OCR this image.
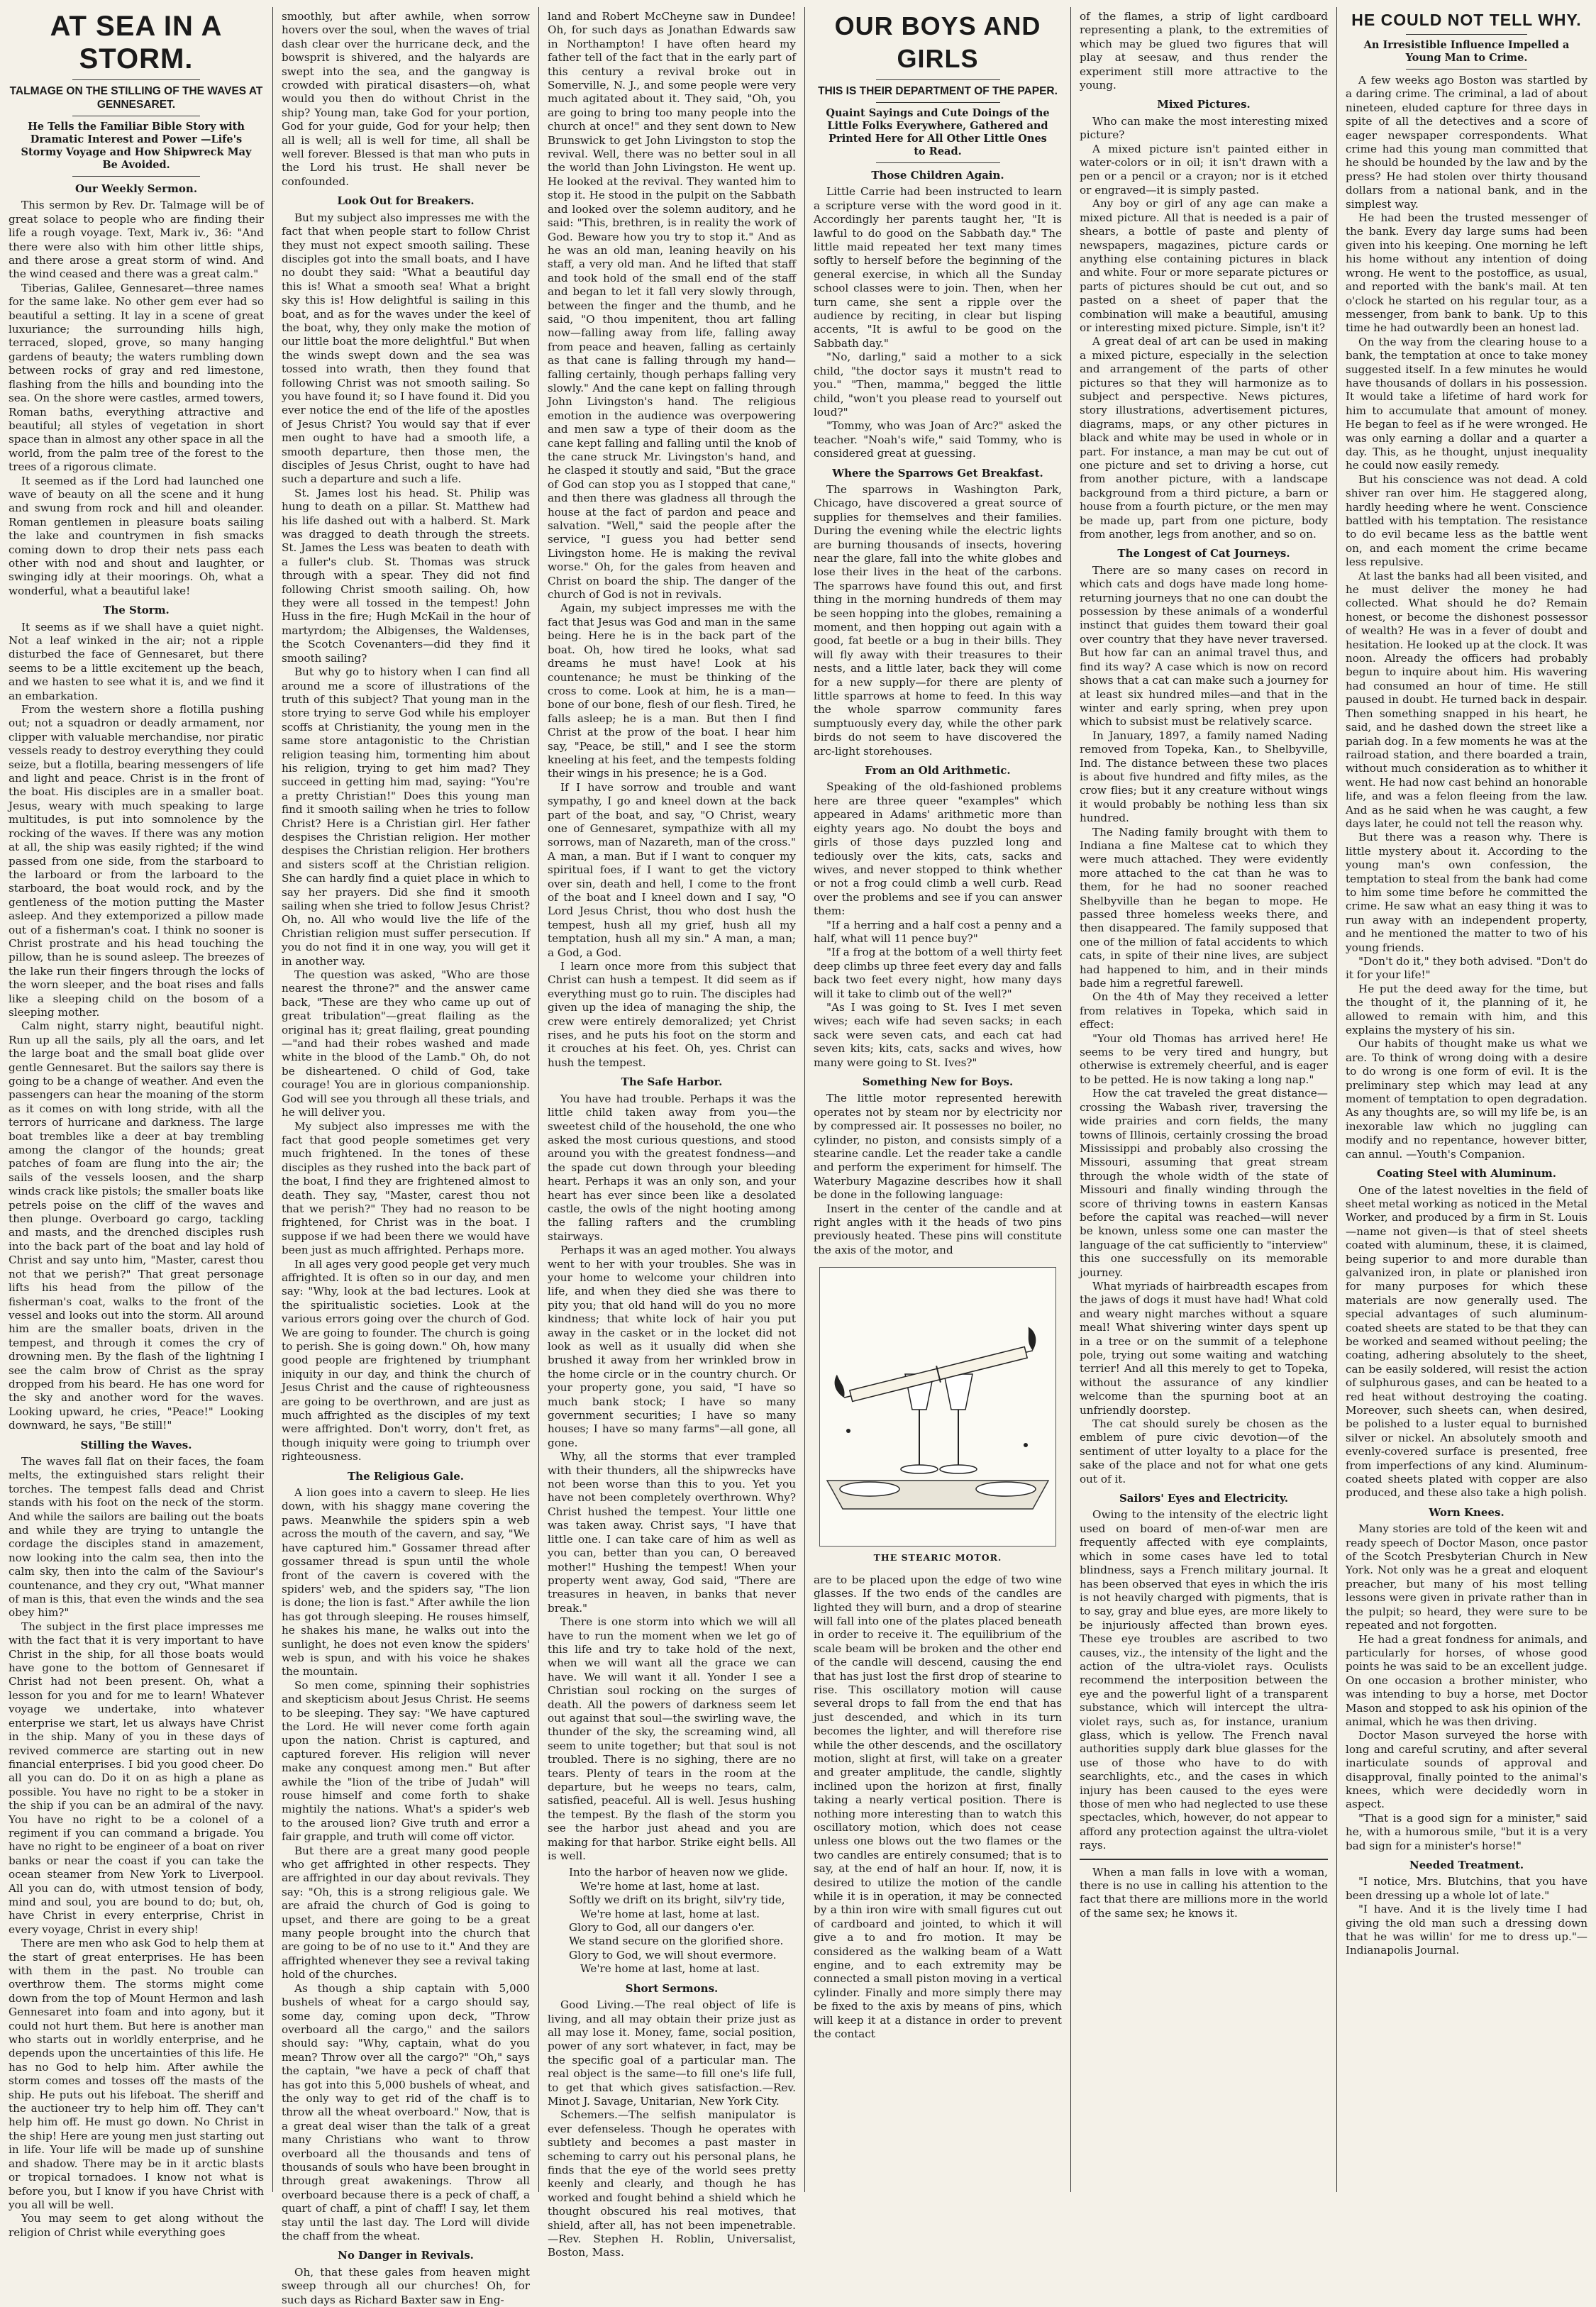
AT SEA IN A STORM.
TALMAGE ON THE STILLING OF THE WAVES AT GENNESARET.
He Tells the Familiar Bible Story with Dramatic Interest and Power —Life's Stormy Voyage and How Shipwreck May Be Avoided.
Our Weekly Sermon.

This sermon by Rev. Dr. Talmage will be of great solace to people who are finding their life a rough voyage. Text, Mark iv., 36: "And there were also with him other little ships, and there arose a great storm of wind. And the wind ceased and there was a great calm."

Tiberias, Galilee, Gennesaret—three names for the same lake. No other gem ever had so beautiful a setting. It lay in a scene of great luxuriance; the surrounding hills high, terraced, sloped, grove, so many hanging gardens of beauty; the waters rumbling down between rocks of gray and red limestone, flashing from the hills and bounding into the sea. On the shore were castles, armed towers, Roman baths, everything attractive and beautiful; all styles of vegetation in short space than in almost any other space in all the world, from the palm tree of the forest to the trees of a rigorous climate.

It seemed as if the Lord had launched one wave of beauty on all the scene and it hung and swung from rock and hill and oleander. Roman gentlemen in pleasure boats sailing the lake and countrymen in fish smacks coming down to drop their nets pass each other with nod and shout and laughter, or swinging idly at their moorings. Oh, what a wonderful, what a beautiful lake!

The Storm.

It seems as if we shall have a quiet night. Not a leaf winked in the air; not a ripple disturbed the face of Gennesaret, but there seems to be a little excitement up the beach, and we hasten to see what it is, and we find it an embarkation.

From the western shore a flotilla pushing out; not a squadron or deadly armament, nor clipper with valuable merchandise, nor piratic vessels ready to destroy everything they could seize, but a flotilla, bearing messengers of life and light and peace. Christ is in the front of the boat. His disciples are in a smaller boat. Jesus, weary with much speaking to large multitudes, is put into somnolence by the rocking of the waves. If there was any motion at all, the ship was easily righted; if the wind passed from one side, from the starboard to the larboard or from the larboard to the starboard, the boat would rock, and by the gentleness of the motion putting the Master asleep. And they extemporized a pillow made out of a fisherman's coat. I think no sooner is Christ prostrate and his head touching the pillow, than he is sound asleep. The breezes of the lake run their fingers through the locks of the worn sleeper, and the boat rises and falls like a sleeping child on the bosom of a sleeping mother.

Calm night, starry night, beautiful night. Run up all the sails, ply all the oars, and let the large boat and the small boat glide over gentle Gennesaret. But the sailors say there is going to be a change of weather. And even the passengers can hear the moaning of the storm as it comes on with long stride, with all the terrors of hurricane and darkness. The large boat trembles like a deer at bay trembling among the clangor of the hounds; great patches of foam are flung into the air; the sails of the vessels loosen, and the sharp winds crack like pistols; the smaller boats like petrels poise on the cliff of the waves and then plunge. Overboard go cargo, tackling and masts, and the drenched disciples rush into the back part of the boat and lay hold of Christ and say unto him, "Master, carest thou not that we perish?" That great personage lifts his head from the pillow of the fisherman's coat, walks to the front of the vessel and looks out into the storm. All around him are the smaller boats, driven in the tempest, and through it comes the cry of drowning men. By the flash of the lightning I see the calm brow of Christ as the spray dropped from his beard. He has one word for the sky and another word for the waves. Looking upward, he cries, "Peace!" Looking downward, he says, "Be still!"

Stilling the Waves.

The waves fall flat on their faces, the foam melts, the extinguished stars relight their torches. The tempest falls dead and Christ stands with his foot on the neck of the storm. And while the sailors are bailing out the boats and while they are trying to untangle the cordage the disciples stand in amazement, now looking into the calm sea, then into the calm sky, then into the calm of the Saviour's countenance, and they cry out, "What manner of man is this, that even the winds and the sea obey him?"

The subject in the first place impresses me with the fact that it is very important to have Christ in the ship, for all those boats would have gone to the bottom of Gennesaret if Christ had not been present. Oh, what a lesson for you and for me to learn! Whatever voyage we undertake, into whatever enterprise we start, let us always have Christ in the ship. Many of you in these days of revived commerce are starting out in new financial enterprises. I bid you good cheer. Do all you can do. Do it on as high a plane as possible. You have no right to be a stoker in the ship if you can be an admiral of the navy. You have no right to be a colonel of a regiment if you can command a brigade. You have no right to be engineer of a boat on river banks or near the coast if you can take the ocean steamer from New York to Liverpool. All you can do, with utmost tension of body, mind and soul, you are bound to do; but, oh, have Christ in every enterprise, Christ in every voyage, Christ in every ship!

There are men who ask God to help them at the start of great enterprises. He has been with them in the past. No trouble can overthrow them. The storms might come down from the top of Mount Hermon and lash Gennesaret into foam and into agony, but it could not hurt them. But here is another man who starts out in worldly enterprise, and he depends upon the uncertainties of this life. He has no God to help him. After awhile the storm comes and tosses off the masts of the ship. He puts out his lifeboat. The sheriff and the auctioneer try to help him off. They can't help him off. He must go down. No Christ in the ship! Here are young men just starting out in life. Your life will be made up of sunshine and shadow. There may be in it arctic blasts or tropical tornadoes. I know not what is before you, but I know if you have Christ with you all will be well.

You may seem to get along without the religion of Christ while everything goes

smoothly, but after awhile, when sorrow hovers over the soul, when the waves of trial dash clear over the hurricane deck, and the bowsprit is shivered, and the halyards are swept into the sea, and the gangway is crowded with piratical disasters—oh, what would you then do without Christ in the ship? Young man, take God for your portion, God for your guide, God for your help; then all is well; all is well for time, all shall be well forever. Blessed is that man who puts in the Lord his trust. He shall never be confounded.

Look Out for Breakers.

But my subject also impresses me with the fact that when people start to follow Christ they must not expect smooth sailing. These disciples got into the small boats, and I have no doubt they said: "What a beautiful day this is! What a smooth sea! What a bright sky this is! How delightful is sailing in this boat, and as for the waves under the keel of the boat, why, they only make the motion of our little boat the more delightful." But when the winds swept down and the sea was tossed into wrath, then they found that following Christ was not smooth sailing. So you have found it; so I have found it. Did you ever notice the end of the life of the apostles of Jesus Christ? You would say that if ever men ought to have had a smooth life, a smooth departure, then those men, the disciples of Jesus Christ, ought to have had such a departure and such a life.

St. James lost his head. St. Philip was hung to death on a pillar. St. Matthew had his life dashed out with a halberd. St. Mark was dragged to death through the streets. St. James the Less was beaten to death with a fuller's club. St. Thomas was struck through with a spear. They did not find following Christ smooth sailing. Oh, how they were all tossed in the tempest! John Huss in the fire; Hugh McKail in the hour of martyrdom; the Albigenses, the Waldenses, the Scotch Covenanters—did they find it smooth sailing?

But why go to history when I can find all around me a score of illustrations of the truth of this subject? That young man in the store trying to serve God while his employer scoffs at Christianity, the young men in the same store antagonistic to the Christian religion teasing him, tormenting him about his religion, trying to get him mad? They succeed in getting him mad, saying: "You're a pretty Christian!" Does this young man find it smooth sailing when he tries to follow Christ? Here is a Christian girl. Her father despises the Christian religion. Her mother despises the Christian religion. Her brothers and sisters scoff at the Christian religion. She can hardly find a quiet place in which to say her prayers. Did she find it smooth sailing when she tried to follow Jesus Christ? Oh, no. All who would live the life of the Christian religion must suffer persecution. If you do not find it in one way, you will get it in another way.

The question was asked, "Who are those nearest the throne?" and the answer came back, "These are they who came up out of great tribulation"—great flailing as the original has it; great flailing, great pounding—"and had their robes washed and made white in the blood of the Lamb." Oh, do not be disheartened. O child of God, take courage! You are in glorious companionship. God will see you through all these trials, and he will deliver you.

My subject also impresses me with the fact that good people sometimes get very much frightened. In the tones of these disciples as they rushed into the back part of the boat, I find they are frightened almost to death. They say, "Master, carest thou not that we perish?" They had no reason to be frightened, for Christ was in the boat. I suppose if we had been there we would have been just as much affrighted. Perhaps more.

In all ages very good people get very much affrighted. It is often so in our day, and men say: "Why, look at the bad lectures. Look at the spiritualistic societies. Look at the various errors going over the church of God. We are going to founder. The church is going to perish. She is going down." Oh, how many good people are frightened by triumphant iniquity in our day, and think the church of Jesus Christ and the cause of righteousness are going to be overthrown, and are just as much affrighted as the disciples of my text were affrighted. Don't worry, don't fret, as though iniquity were going to triumph over righteousness.

The Religious Gale.

A lion goes into a cavern to sleep. He lies down, with his shaggy mane covering the paws. Meanwhile the spiders spin a web across the mouth of the cavern, and say, "We have captured him." Gossamer thread after gossamer thread is spun until the whole front of the cavern is covered with the spiders' web, and the spiders say, "The lion is done; the lion is fast." After awhile the lion has got through sleeping. He rouses himself, he shakes his mane, he walks out into the sunlight, he does not even know the spiders' web is spun, and with his voice he shakes the mountain.

So men come, spinning their sophistries and skepticism about Jesus Christ. He seems to be sleeping. They say: "We have captured the Lord. He will never come forth again upon the nation. Christ is captured, and captured forever. His religion will never make any conquest among men." But after awhile the "lion of the tribe of Judah" will rouse himself and come forth to shake mightily the nations. What's a spider's web to the aroused lion? Give truth and error a fair grapple, and truth will come off victor.

But there are a great many good people who get affrighted in other respects. They are affrighted in our day about revivals. They say: "Oh, this is a strong religious gale. We are afraid the church of God is going to upset, and there are going to be a great many people brought into the church that are going to be of no use to it." And they are affrighted whenever they see a revival taking hold of the churches.

As though a ship captain with 5,000 bushels of wheat for a cargo should say, some day, coming upon deck, "Throw overboard all the cargo," and the sailors should say: "Why, captain, what do you mean? Throw over all the cargo?" "Oh," says the captain, "we have a peck of chaff that has got into this 5,000 bushels of wheat, and the only way to get rid of the chaff is to throw all the wheat overboard." Now, that is a great deal wiser than the talk of a great many Christians who want to throw overboard all the thousands and tens of thousands of souls who have been brought in through great awakenings. Throw all overboard because there is a peck of chaff, a quart of chaff, a pint of chaff! I say, let them stay until the last day. The Lord will divide the chaff from the wheat.

No Danger in Revivals.

Oh, that these gales from heaven might sweep through all our churches! Oh, for such days as Richard Baxter saw in Eng-

land and Robert McCheyne saw in Dundee! Oh, for such days as Jonathan Edwards saw in Northampton! I have often heard my father tell of the fact that in the early part of this century a revival broke out in Somerville, N. J., and some people were very much agitated about it. They said, "Oh, you are going to bring too many people into the church at once!" and they sent down to New Brunswick to get John Livingston to stop the revival. Well, there was no better soul in all the world than John Livingston. He went up. He looked at the revival. They wanted him to stop it. He stood in the pulpit on the Sabbath and looked over the solemn auditory, and he said: "This, brethren, is in reality the work of God. Beware how you try to stop it." And as he was an old man, leaning heavily on his staff, a very old man. And he lifted that staff and took hold of the small end of the staff and began to let it fall very slowly through, between the finger and the thumb, and he said, "O thou impenitent, thou art falling now—falling away from life, falling away from peace and heaven, falling as certainly as that cane is falling through my hand—falling certainly, though perhaps falling very slowly." And the cane kept on falling through John Livingston's hand. The religious emotion in the audience was overpowering and men saw a type of their doom as the cane kept falling and falling until the knob of the cane struck Mr. Livingston's hand, and he clasped it stoutly and said, "But the grace of God can stop you as I stopped that cane," and then there was gladness all through the house at the fact of pardon and peace and salvation. "Well," said the people after the service, "I guess you had better send Livingston home. He is making the revival worse." Oh, for the gales from heaven and Christ on board the ship. The danger of the church of God is not in revivals.

Again, my subject impresses me with the fact that Jesus was God and man in the same being. Here he is in the back part of the boat. Oh, how tired he looks, what sad dreams he must have! Look at his countenance; he must be thinking of the cross to come. Look at him, he is a man—bone of our bone, flesh of our flesh. Tired, he falls asleep; he is a man. But then I find Christ at the prow of the boat. I hear him say, "Peace, be still," and I see the storm kneeling at his feet, and the tempests folding their wings in his presence; he is a God.

If I have sorrow and trouble and want sympathy, I go and kneel down at the back part of the boat, and say, "O Christ, weary one of Gennesaret, sympathize with all my sorrows, man of Nazareth, man of the cross." A man, a man. But if I want to conquer my spiritual foes, if I want to get the victory over sin, death and hell, I come to the front of the boat and I kneel down and I say, "O Lord Jesus Christ, thou who dost hush the tempest, hush all my grief, hush all my temptation, hush all my sin." A man, a man; a God, a God.

I learn once more from this subject that Christ can hush a tempest. It did seem as if everything must go to ruin. The disciples had given up the idea of managing the ship, the crew were entirely demoralized; yet Christ rises, and he puts his foot on the storm and it crouches at his feet. Oh, yes. Christ can hush the tempest.

The Safe Harbor.

You have had trouble. Perhaps it was the little child taken away from you—the sweetest child of the household, the one who asked the most curious questions, and stood around you with the greatest fondness—and the spade cut down through your bleeding heart. Perhaps it was an only son, and your heart has ever since been like a desolated castle, the owls of the night hooting among the falling rafters and the crumbling stairways.

Perhaps it was an aged mother. You always went to her with your troubles. She was in your home to welcome your children into life, and when they died she was there to pity you; that old hand will do you no more kindness; that white lock of hair you put away in the casket or in the locket did not look as well as it usually did when she brushed it away from her wrinkled brow in the home circle or in the country church. Or your property gone, you said, "I have so much bank stock; I have so many government securities; I have so many houses; I have so many farms"—all gone, all gone.

Why, all the storms that ever trampled with their thunders, all the shipwrecks have not been worse than this to you. Yet you have not been completely overthrown. Why? Christ hushed the tempest. Your little one was taken away. Christ says, "I have that little one. I can take care of him as well as you can, better than you can, O bereaved mother!" Hushing the tempest! When your property went away, God said, "There are treasures in heaven, in banks that never break."

There is one storm into which we will all have to run the moment when we let go of this life and try to take hold of the next, when we will want all the grace we can have. We will want it all. Yonder I see a Christian soul rocking on the surges of death. All the powers of darkness seem let out against that soul—the swirling wave, the thunder of the sky, the screaming wind, all seem to unite together; but that soul is not troubled. There is no sighing, there are no tears. Plenty of tears in the room at the departure, but he weeps no tears, calm, satisfied, peaceful. All is well. Jesus hushing the tempest. By the flash of the storm you see the harbor just ahead and you are making for that harbor. Strike eight bells. All is well.

Into the harbor of heaven now we glide.
We're home at last, home at last.
Softly we drift on its bright, silv'ry tide,
We're home at last, home at last.
Glory to God, all our dangers o'er.
We stand secure on the glorified shore.
Glory to God, we will shout evermore.
We're home at last, home at last.
Short Sermons.

Good Living.—The real object of life is living, and all may obtain their prize just as all may lose it. Money, fame, social position, power of any sort whatever, in fact, may be the specific goal of a particular man. The real object is the same—to fill one's life full, to get that which gives satisfaction.—Rev. Minot J. Savage, Unitarian, New York City.

Schemers.—The selfish manipulator is ever defenseless. Though he operates with subtlety and becomes a past master in scheming to carry out his personal plans, he finds that the eye of the world sees pretty keenly and clearly, and though he has worked and fought behind a shield which he thought obscured his real motives, that shield, after all, has not been impenetrable.—Rev. Stephen H. Roblin, Universalist, Boston, Mass.

OUR BOYS AND GIRLS
THIS IS THEIR DEPARTMENT OF THE PAPER.
Quaint Sayings and Cute Doings of the Little Folks Everywhere, Gathered and Printed Here for All Other Little Ones to Read.
Those Children Again.

Little Carrie had been instructed to learn a scripture verse with the word good in it. Accordingly her parents taught her, "It is lawful to do good on the Sabbath day." The little maid repeated her text many times softly to herself before the beginning of the general exercise, in which all the Sunday school classes were to join. Then, when her turn came, she sent a ripple over the audience by reciting, in clear but lisping accents, "It is awful to be good on the Sabbath day."

"No, darling," said a mother to a sick child, "the doctor says it mustn't read to you." "Then, mamma," begged the little child, "won't you please read to yourself out loud?"

"Tommy, who was Joan of Arc?" asked the teacher. "Noah's wife," said Tommy, who is considered great at guessing.

Where the Sparrows Get Breakfast.

The sparrows in Washington Park, Chicago, have discovered a great source of supplies for themselves and their families. During the evening while the electric lights are burning thousands of insects, hovering near the glare, fall into the white globes and lose their lives in the heat of the carbons. The sparrows have found this out, and first thing in the morning hundreds of them may be seen hopping into the globes, remaining a moment, and then hopping out again with a good, fat beetle or a bug in their bills. They will fly away with their treasures to their nests, and a little later, back they will come for a new supply—for there are plenty of little sparrows at home to feed. In this way the whole sparrow community fares sumptuously every day, while the other park birds do not seem to have discovered the arc-light storehouses.

From an Old Arithmetic.

Speaking of the old-fashioned problems here are three queer "examples" which appeared in Adams' arithmetic more than eighty years ago. No doubt the boys and girls of those days puzzled long and tediously over the kits, cats, sacks and wives, and never stopped to think whether or not a frog could climb a well curb. Read over the problems and see if you can answer them:

"If a herring and a half cost a penny and a half, what will 11 pence buy?"

"If a frog at the bottom of a well thirty feet deep climbs up three feet every day and falls back two feet every night, how many days will it take to climb out of the well?"

"As I was going to St. Ives I met seven wives; each wife had seven sacks; in each sack were seven cats, and each cat had seven kits; kits, cats, sacks and wives, how many were going to St. Ives?"

Something New for Boys.

The little motor represented herewith operates not by steam nor by electricity nor by compressed air. It possesses no boiler, no cylinder, no piston, and consists simply of a stearine candle. Let the reader take a candle and perform the experiment for himself. The Waterbury Magazine describes how it shall be done in the following language:

Insert in the center of the candle and at right angles with it the heads of two pins previously heated. These pins will constitute the axis of the motor, and

THE STEARIC MOTOR.

are to be placed upon the edge of two wine glasses. If the two ends of the candles are lighted they will burn, and a drop of stearine will fall into one of the plates placed beneath in order to receive it. The equilibrium of the scale beam will be broken and the other end of the candle will descend, causing the end that has just lost the first drop of stearine to rise. This oscillatory motion will cause several drops to fall from the end that has just descended, and which in its turn becomes the lighter, and will therefore rise while the other descends, and the oscillatory motion, slight at first, will take on a greater and greater amplitude, the candle, slightly inclined upon the horizon at first, finally taking a nearly vertical position. There is nothing more interesting than to watch this oscillatory motion, which does not cease unless one blows out the two flames or the two candles are entirely consumed; that is to say, at the end of half an hour. If, now, it is desired to utilize the motion of the candle while it is in operation, it may be connected by a thin iron wire with small figures cut out of cardboard and jointed, to which it will give a to and fro motion. It may be considered as the walking beam of a Watt engine, and to each extremity may be connected a small piston moving in a vertical cylinder. Finally and more simply there may be fixed to the axis by means of pins, which will keep it at a distance in order to prevent the contact

of the flames, a strip of light cardboard representing a plank, to the extremities of which may be glued two figures that will play at seesaw, and thus render the experiment still more attractive to the young.

Mixed Pictures.

Who can make the most interesting mixed picture?

A mixed picture isn't painted either in water-colors or in oil; it isn't drawn with a pen or a pencil or a crayon; nor is it etched or engraved—it is simply pasted.

Any boy or girl of any age can make a mixed picture. All that is needed is a pair of shears, a bottle of paste and plenty of newspapers, magazines, picture cards or anything else containing pictures in black and white. Four or more separate pictures or parts of pictures should be cut out, and so pasted on a sheet of paper that the combination will make a beautiful, amusing or interesting mixed picture. Simple, isn't it?

A great deal of art can be used in making a mixed picture, especially in the selection and arrangement of the parts of other pictures so that they will harmonize as to subject and perspective. News pictures, story illustrations, advertisement pictures, diagrams, maps, or any other pictures in black and white may be used in whole or in part. For instance, a man may be cut out of one picture and set to driving a horse, cut from another picture, with a landscape background from a third picture, a barn or house from a fourth picture, or the men may be made up, part from one picture, body from another, legs from another, and so on.

The Longest of Cat Journeys.

There are so many cases on record in which cats and dogs have made long home-returning journeys that no one can doubt the possession by these animals of a wonderful instinct that guides them toward their goal over country that they have never traversed. But how far can an animal travel thus, and find its way? A case which is now on record shows that a cat can make such a journey for at least six hundred miles—and that in the winter and early spring, when prey upon which to subsist must be relatively scarce.

In January, 1897, a family named Nading removed from Topeka, Kan., to Shelbyville, Ind. The distance between these two places is about five hundred and fifty miles, as the crow flies; but it any creature without wings it would probably be nothing less than six hundred.

The Nading family brought with them to Indiana a fine Maltese cat to which they were much attached. They were evidently more attached to the cat than he was to them, for he had no sooner reached Shelbyville than he began to mope. He passed three homeless weeks there, and then disappeared. The family supposed that one of the million of fatal accidents to which cats, in spite of their nine lives, are subject had happened to him, and in their minds bade him a regretful farewell.

On the 4th of May they received a letter from relatives in Topeka, which said in effect:

"Your old Thomas has arrived here! He seems to be very tired and hungry, but otherwise is extremely cheerful, and is eager to be petted. He is now taking a long nap."

How the cat traveled the great distance—crossing the Wabash river, traversing the wide prairies and corn fields, the many towns of Illinois, certainly crossing the broad Mississippi and probably also crossing the Missouri, assuming that great stream through the whole width of the state of Missouri and finally winding through the score of thriving towns in eastern Kansas before the capital was reached—will never be known, unless some one can master the language of the cat sufficiently to "interview" this one successfully on its memorable journey.

What myriads of hairbreadth escapes from the jaws of dogs it must have had! What cold and weary night marches without a square meal! What shivering winter days spent up in a tree or on the summit of a telephone pole, trying out some waiting and watching terrier! And all this merely to get to Topeka, without the assurance of any kindlier welcome than the spurning boot at an unfriendly doorstep.

The cat should surely be chosen as the emblem of pure civic devotion—of the sentiment of utter loyalty to a place for the sake of the place and not for what one gets out of it.

Sailors' Eyes and Electricity.

Owing to the intensity of the electric light used on board of men-of-war men are frequently affected with eye complaints, which in some cases have led to total blindness, says a French military journal. It has been observed that eyes in which the iris is not heavily charged with pigments, that is to say, gray and blue eyes, are more likely to be injuriously affected than brown eyes. These eye troubles are ascribed to two causes, viz., the intensity of the light and the action of the ultra-violet rays. Oculists recommend the interposition between the eye and the powerful light of a transparent substance, which will intercept the ultra-violet rays, such as, for instance, uranium glass, which is yellow. The French naval authorities supply dark blue glasses for the use of those who have to do with searchlights, etc., and the cases in which injury has been caused to the eyes were those of men who had neglected to use these spectacles, which, however, do not appear to afford any protection against the ultra-violet rays.

When a man falls in love with a woman, there is no use in calling his attention to the fact that there are millions more in the world of the same sex; he knows it.

HE COULD NOT TELL WHY.
An Irresistible Influence Impelled a Young Man to Crime.

A few weeks ago Boston was startled by a daring crime. The criminal, a lad of about nineteen, eluded capture for three days in spite of all the detectives and a score of eager newspaper correspondents. What crime had this young man committed that he should be hounded by the law and by the press? He had stolen over thirty thousand dollars from a national bank, and in the simplest way.

He had been the trusted messenger of the bank. Every day large sums had been given into his keeping. One morning he left his home without any intention of doing wrong. He went to the postoffice, as usual, and reported with the bank's mail. At ten o'clock he started on his regular tour, as a messenger, from bank to bank. Up to this time he had outwardly been an honest lad.

On the way from the clearing house to a bank, the temptation at once to take money suggested itself. In a few minutes he would have thousands of dollars in his possession. It would take a lifetime of hard work for him to accumulate that amount of money. He began to feel as if he were wronged. He was only earning a dollar and a quarter a day. This, as he thought, unjust inequality he could now easily remedy.

But his conscience was not dead. A cold shiver ran over him. He staggered along, hardly heeding where he went. Conscience battled with his temptation. The resistance to do evil became less as the battle went on, and each moment the crime became less repulsive.

At last the banks had all been visited, and he must deliver the money he had collected. What should he do? Remain honest, or become the dishonest possessor of wealth? He was in a fever of doubt and hesitation. He looked up at the clock. It was noon. Already the officers had probably begun to inquire about him. His wavering had consumed an hour of time. He still paused in doubt. He turned back in despair. Then something snapped in his heart, he said, and he dashed down the street like a pariah dog. In a few moments he was at the railroad station, and there boarded a train, without much consideration as to whither it went. He had now cast behind an honorable life, and was a felon fleeing from the law. And as he said when he was caught, a few days later, he could not tell the reason why.

But there was a reason why. There is little mystery about it. According to the young man's own confession, the temptation to steal from the bank had come to him some time before he committed the crime. He saw what an easy thing it was to run away with an independent property, and he mentioned the matter to two of his young friends.

"Don't do it," they both advised. "Don't do it for your life!"

He put the deed away for the time, but the thought of it, the planning of it, he allowed to remain with him, and this explains the mystery of his sin.

Our habits of thought make us what we are. To think of wrong doing with a desire to do wrong is one form of evil. It is the preliminary step which may lead at any moment of temptation to open degradation. As any thoughts are, so will my life be, is an inexorable law which no juggling can modify and no repentance, however bitter, can annul. —Youth's Companion.

Coating Steel with Aluminum.

One of the latest novelties in the field of sheet metal working as noticed in the Metal Worker, and produced by a firm in St. Louis—name not given—is that of steel sheets coated with aluminum, these, it is claimed, being superior to and more durable than galvanized iron, in plate or planished iron for many purposes for which these materials are now generally used. The special advantages of such aluminum-coated sheets are stated to be that they can be worked and seamed without peeling; the coating, adhering absolutely to the sheet, can be easily soldered, will resist the action of sulphurous gases, and can be heated to a red heat without destroying the coating. Moreover, such sheets can, when desired, be polished to a luster equal to burnished silver or nickel. An absolutely smooth and evenly-covered surface is presented, free from imperfections of any kind. Aluminum-coated sheets plated with copper are also produced, and these also take a high polish.

Worn Knees.

Many stories are told of the keen wit and ready speech of Doctor Mason, once pastor of the Scotch Presbyterian Church in New York. Not only was he a great and eloquent preacher, but many of his most telling lessons were given in private rather than in the pulpit; so heard, they were sure to be repeated and not forgotten.

He had a great fondness for animals, and particularly for horses, of whose good points he was said to be an excellent judge. On one occasion a brother minister, who was intending to buy a horse, met Doctor Mason and stopped to ask his opinion of the animal, which he was then driving.

Doctor Mason surveyed the horse with long and careful scrutiny, and after several inarticulate sounds of approval and disapproval, finally pointed to the animal's knees, which were decidedly worn in aspect.

"That is a good sign for a minister," said he, with a humorous smile, "but it is a very bad sign for a minister's horse!"

Needed Treatment.

"I notice, Mrs. Blutchins, that you have been dressing up a whole lot of late."

"I have. And it is the lively time I had giving the old man such a dressing down that he was willin' for me to dress up."—Indianapolis Journal.
